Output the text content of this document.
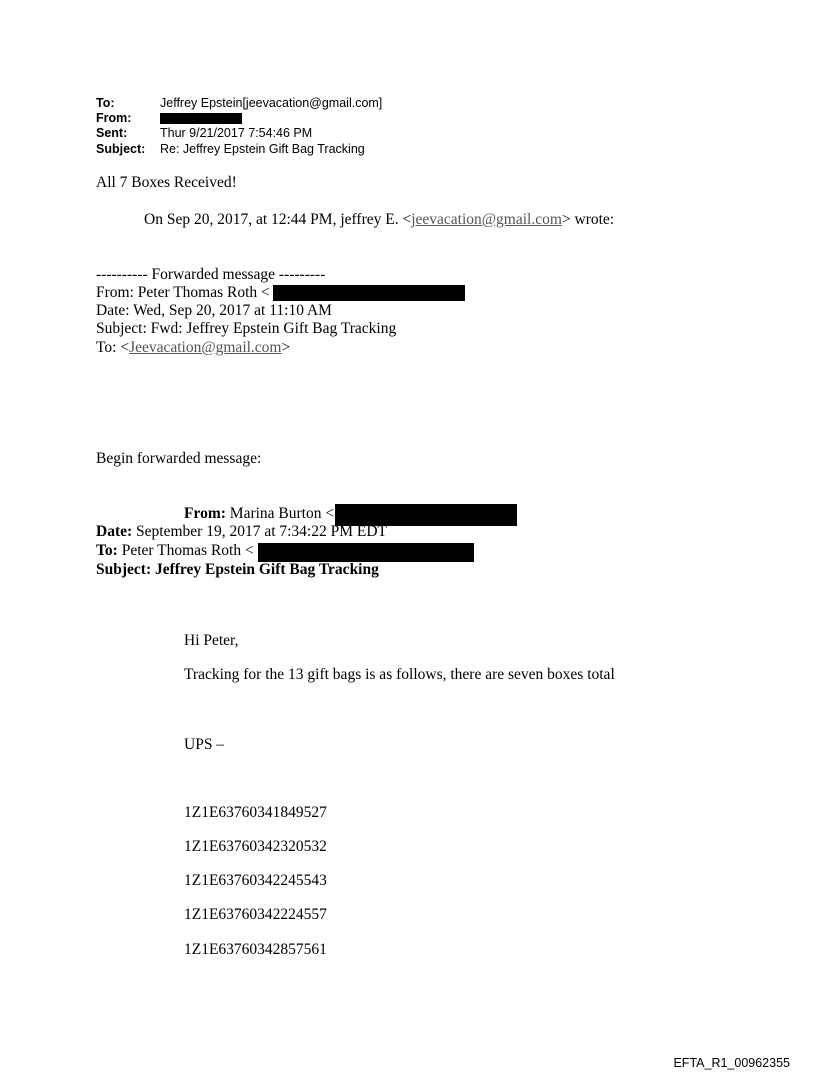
To:	Jeffrey Epstein[jeevacation@gmail.com]
From:
Sent:	Thur 9/21/2017 7:54:46 PM
Subject: Re: Jeffrey Epstein Gift Bag Tracking
All 7 Boxes Received!
On Sep 20, 2017, at 12:44 PM, jeffrey E. <jeevacation@gmail.com> wrote:
---------- Forwarded message ---------
From: Peter Thomas Roth <
Date: Wed, Sep 20, 2017 at 11:10 AM
Subject: Fwd: Jeffrey Epstein Gift Bag Tracking
To: <Jeevacation@gmail.com>
Begin forwarded message:
From: Marina Burton <
Date: September 19, 2017 at 7:34:22 PM EDT
To: Peter Thomas Roth <
Subject: Jeffrey Epstein Gift Bag Tracking
Hi Peter,
Tracking for the 13 gift bags is as follows, there are seven boxes total
UPS –
1Z1E63760341849527
1Z1E63760342320532
1Z1E63760342245543
1Z1E63760342224557
1Z1E63760342857561
EFTA_R1_00962355
